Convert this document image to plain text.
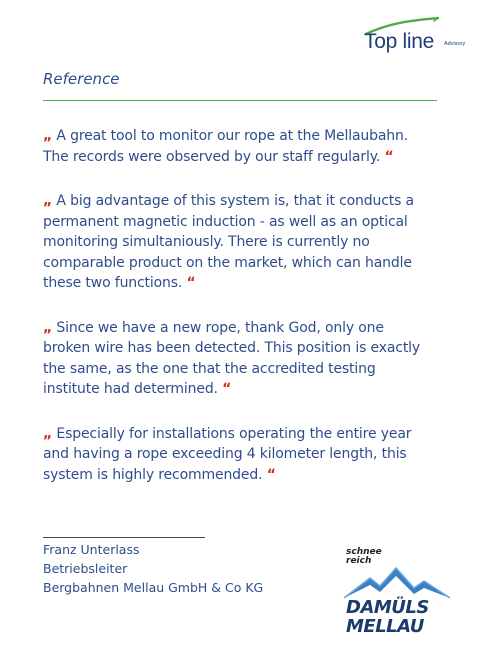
Top line Advisory
Reference

„ A great tool to monitor our rope at the Mellaubahn.
The records were observed by our staff regularly. “

„ A big advantage of this system is, that it conducts a
permanent magnetic induction - as well as an optical
monitoring simultaniously. There is currently no
comparable product on the market, which can handle
these two functions. “

„ Since we have a new rope, thank God, only one
broken wire has been detected. This position is exactly
the same, as the one that the accredited testing
institute had determined. “

„ Especially for installations operating the entire year
and having a rope exceeding 4 kilometer length, this
system is highly recommended. “

Franz Unterlass
Betriebsleiter
Bergbahnen Mellau GmbH & Co KG
schnee
reich
DAMÜLS
MELLAU
